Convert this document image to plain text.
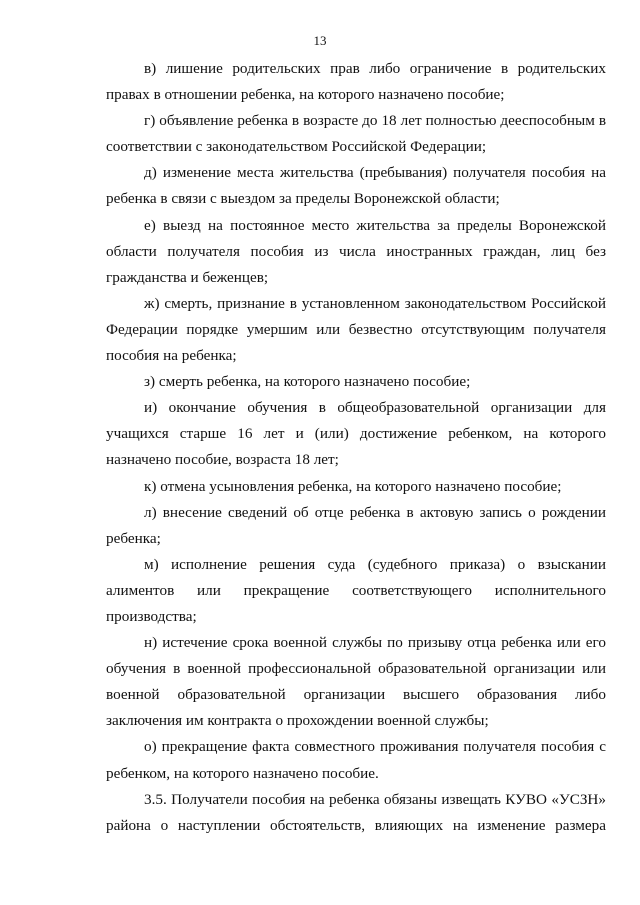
13

в) лишение родительских прав либо ограничение в родительских правах в отношении ребенка, на которого назначено пособие;

г) объявление ребенка в возрасте до 18 лет полностью дееспособным в соответствии с законодательством Российской Федерации;

д) изменение места жительства (пребывания) получателя пособия на ребенка в связи с выездом за пределы Воронежской области;

е) выезд на постоянное место жительства за пределы Воронежской области получателя пособия из числа иностранных граждан, лиц без гражданства и беженцев;

ж) смерть, признание в установленном законодательством Российской Федерации порядке умершим или безвестно отсутствующим получателя пособия на ребенка;

з) смерть ребенка, на которого назначено пособие;

и) окончание обучения в общеобразовательной организации для учащихся старше 16 лет и (или) достижение ребенком, на которого назначено пособие, возраста 18 лет;

к) отмена усыновления ребенка, на которого назначено пособие;

л) внесение сведений об отце ребенка в актовую запись о рождении ребенка;

м) исполнение решения суда (судебного приказа) о взыскании алиментов или прекращение соответствующего исполнительного производства;

н) истечение срока военной службы по призыву отца ребенка или его обучения в военной профессиональной образовательной организации или военной образовательной организации высшего образования либо заключения им контракта о прохождении военной службы;

о) прекращение факта совместного проживания получателя пособия с ребенком, на которого назначено пособие.

3.5. Получатели пособия на ребенка обязаны извещать КУВО «УСЗН» района о наступлении обстоятельств, влияющих на изменение размера
